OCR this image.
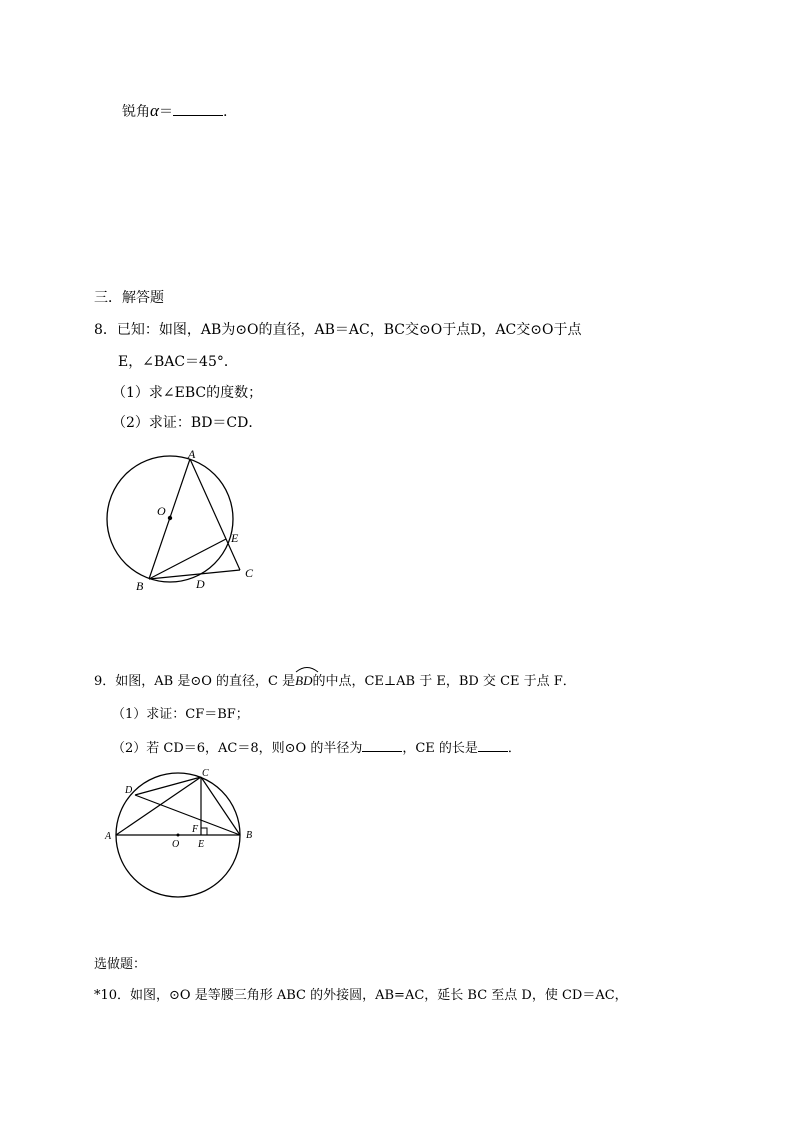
锐角α＝	.
三．解答题
8．已知：如图，AB为⊙O的直径，AB＝AC，BC交⊙O于点D，AC交⊙O于点
E，∠BAC＝45°．
（1）求∠EBC的度数；
（2）求证：BD＝CD．
A
O
E
B	D
C
9．如图，AB 是⊙O 的直径，C 是
BD的中点，CE⊥AB 于 E，BD 交 CE 于点 F．
（1）求证：CF＝BF；
（2）若 CD＝6，AC＝8，则⊙O 的半径为	，CE 的长是 ．
C
D
F
A
O E
B
选做题：
*10．如图，⊙O 是等腰三角形 ABC 的外接圆，AB=AC，延长 BC 至点 D，使 CD＝AC，
